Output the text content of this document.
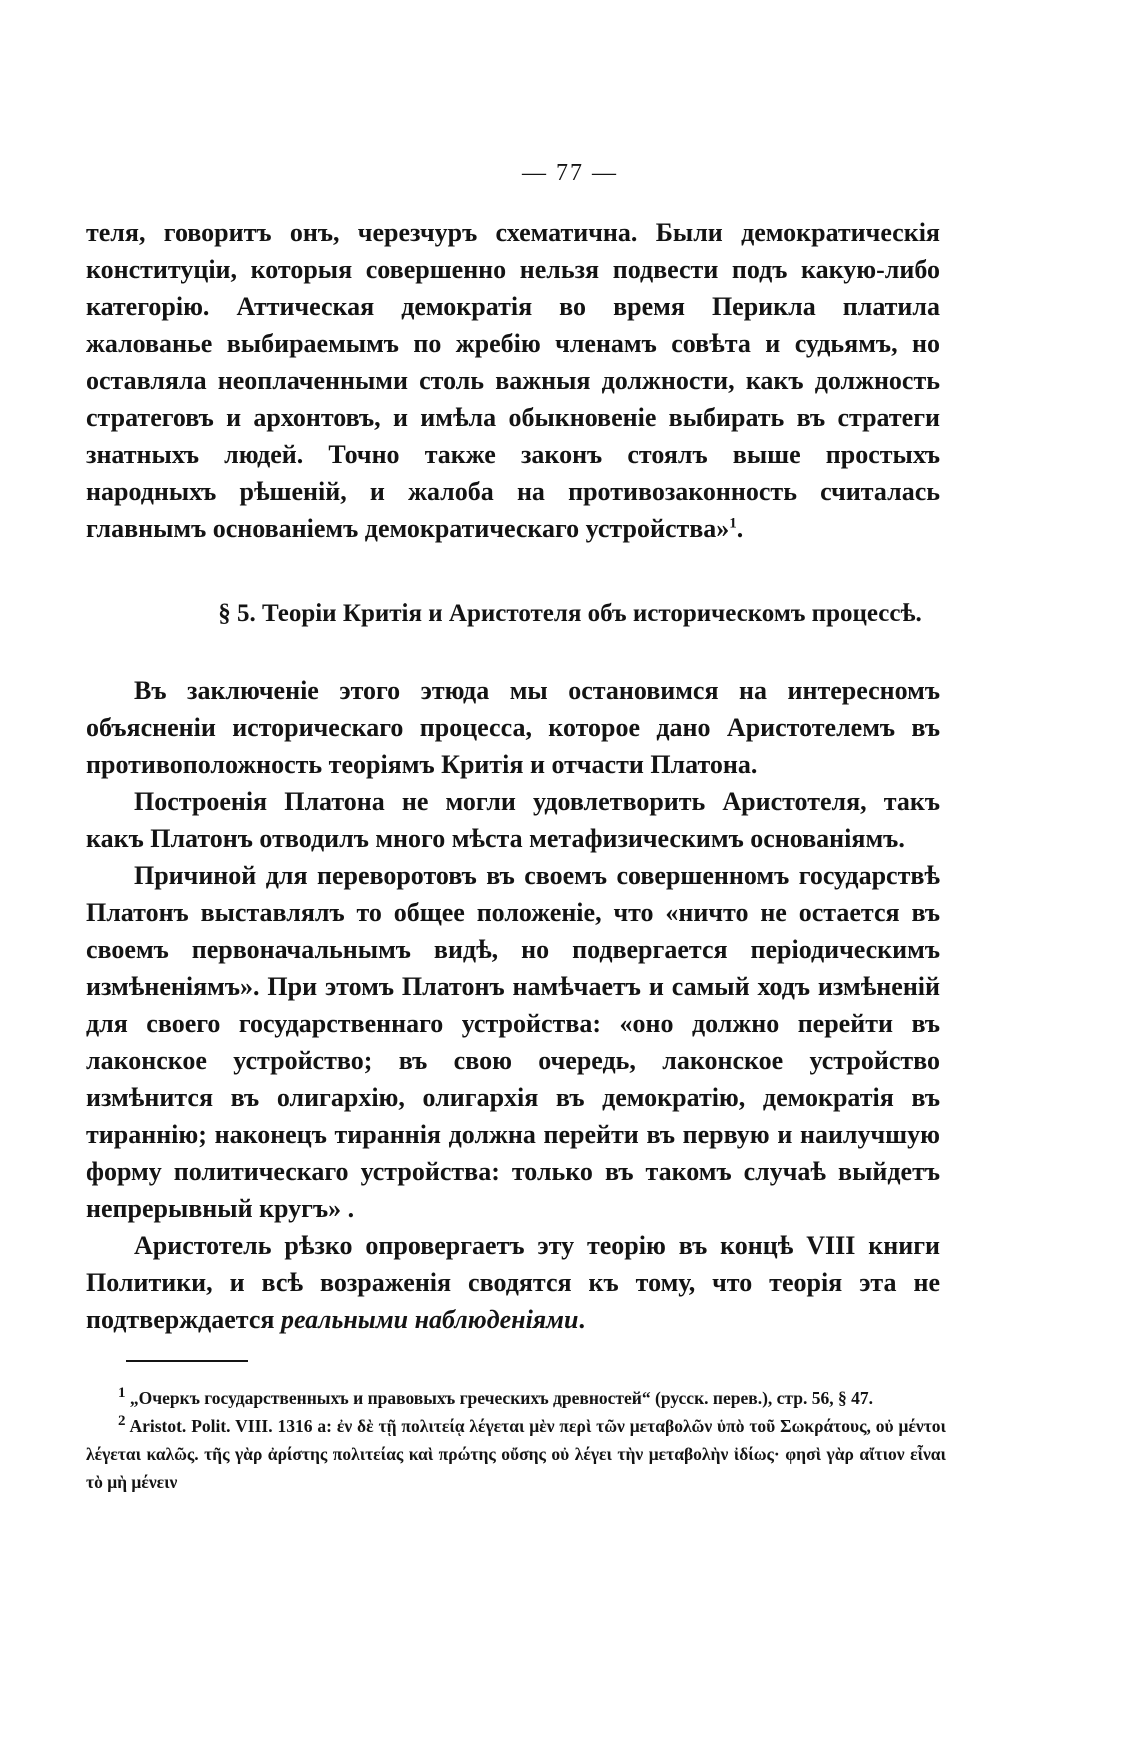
— 77 —

теля, говоритъ онъ, черезчуръ схематична. Были демократическія конституціи, которыя совершенно нельзя подвести подъ какую-либо категорію. Аттическая демократія во время Перикла платила жалованье выбираемымъ по жребію членамъ совѣта и судьямъ, но оставляла неоплаченными столь важныя должности, какъ должность стратеговъ и архонтовъ, и имѣла обыкновеніе выбирать въ стратеги знатныхъ людей. Точно также законъ стоялъ выше простыхъ народныхъ рѣшеній, и жалоба на противозаконность считалась главнымъ основаніемъ демократическаго устройства»$^1$.

§ 5. Теоріи Критія и Аристотеля объ историческомъ процессѣ.

Въ заключеніе этого этюда мы остановимся на интересномъ объясненіи историческаго процесса, которое дано Аристотелемъ въ противоположность теоріямъ Критія и отчасти Платона.

Построенія Платона не могли удовлетворить Аристотеля, такъ какъ Платонъ отводилъ много мѣста метафизическимъ основаніямъ.

Причиной для переворотовъ въ своемъ совершенномъ государствѣ Платонъ выставлялъ то общее положеніе, что «ничто не остается въ своемъ первоначальнымъ видѣ, но подвергается періодическимъ измѣненіямъ». При этомъ Платонъ намѣчаетъ и самый ходъ измѣненій для своего государственнаго устройства: «оно должно перейти въ лаконское устройство; въ свою очередь, лаконское устройство измѣнится въ олигархію, олигархія въ демократію, демократія въ тираннію; наконецъ тираннія должна перейти въ первую и наилучшую форму политическаго устройства: только въ такомъ случаѣ выйдетъ непрерывный кругъ» .

Аристотель рѣзко опровергаетъ эту теорію въ концѣ VIII книги Политики, и всѣ возраженія сводятся къ тому, что теорія эта не подтверждается реальными наблюденіями.

1 „Очеркъ государственныхъ и правовыхъ греческихъ древностей“ (русск. перев.), стр. 56, § 47.

2 Aristot. Polit. VIII. 1316 a: ἐν δὲ τῇ πολιτείᾳ λέγεται μὲν περὶ τῶν μεταβολῶν ὑπὸ τοῦ Σωκράτους, οὐ μέντοι λέγεται καλῶς. τῆς γὰρ ἀρίστης πολιτείας καὶ πρώτης οὔσης οὐ λέγει τὴν μεταβολὴν ἰδίως· φησὶ γὰρ αἴτιον εἶναι τὸ μὴ μένειν
